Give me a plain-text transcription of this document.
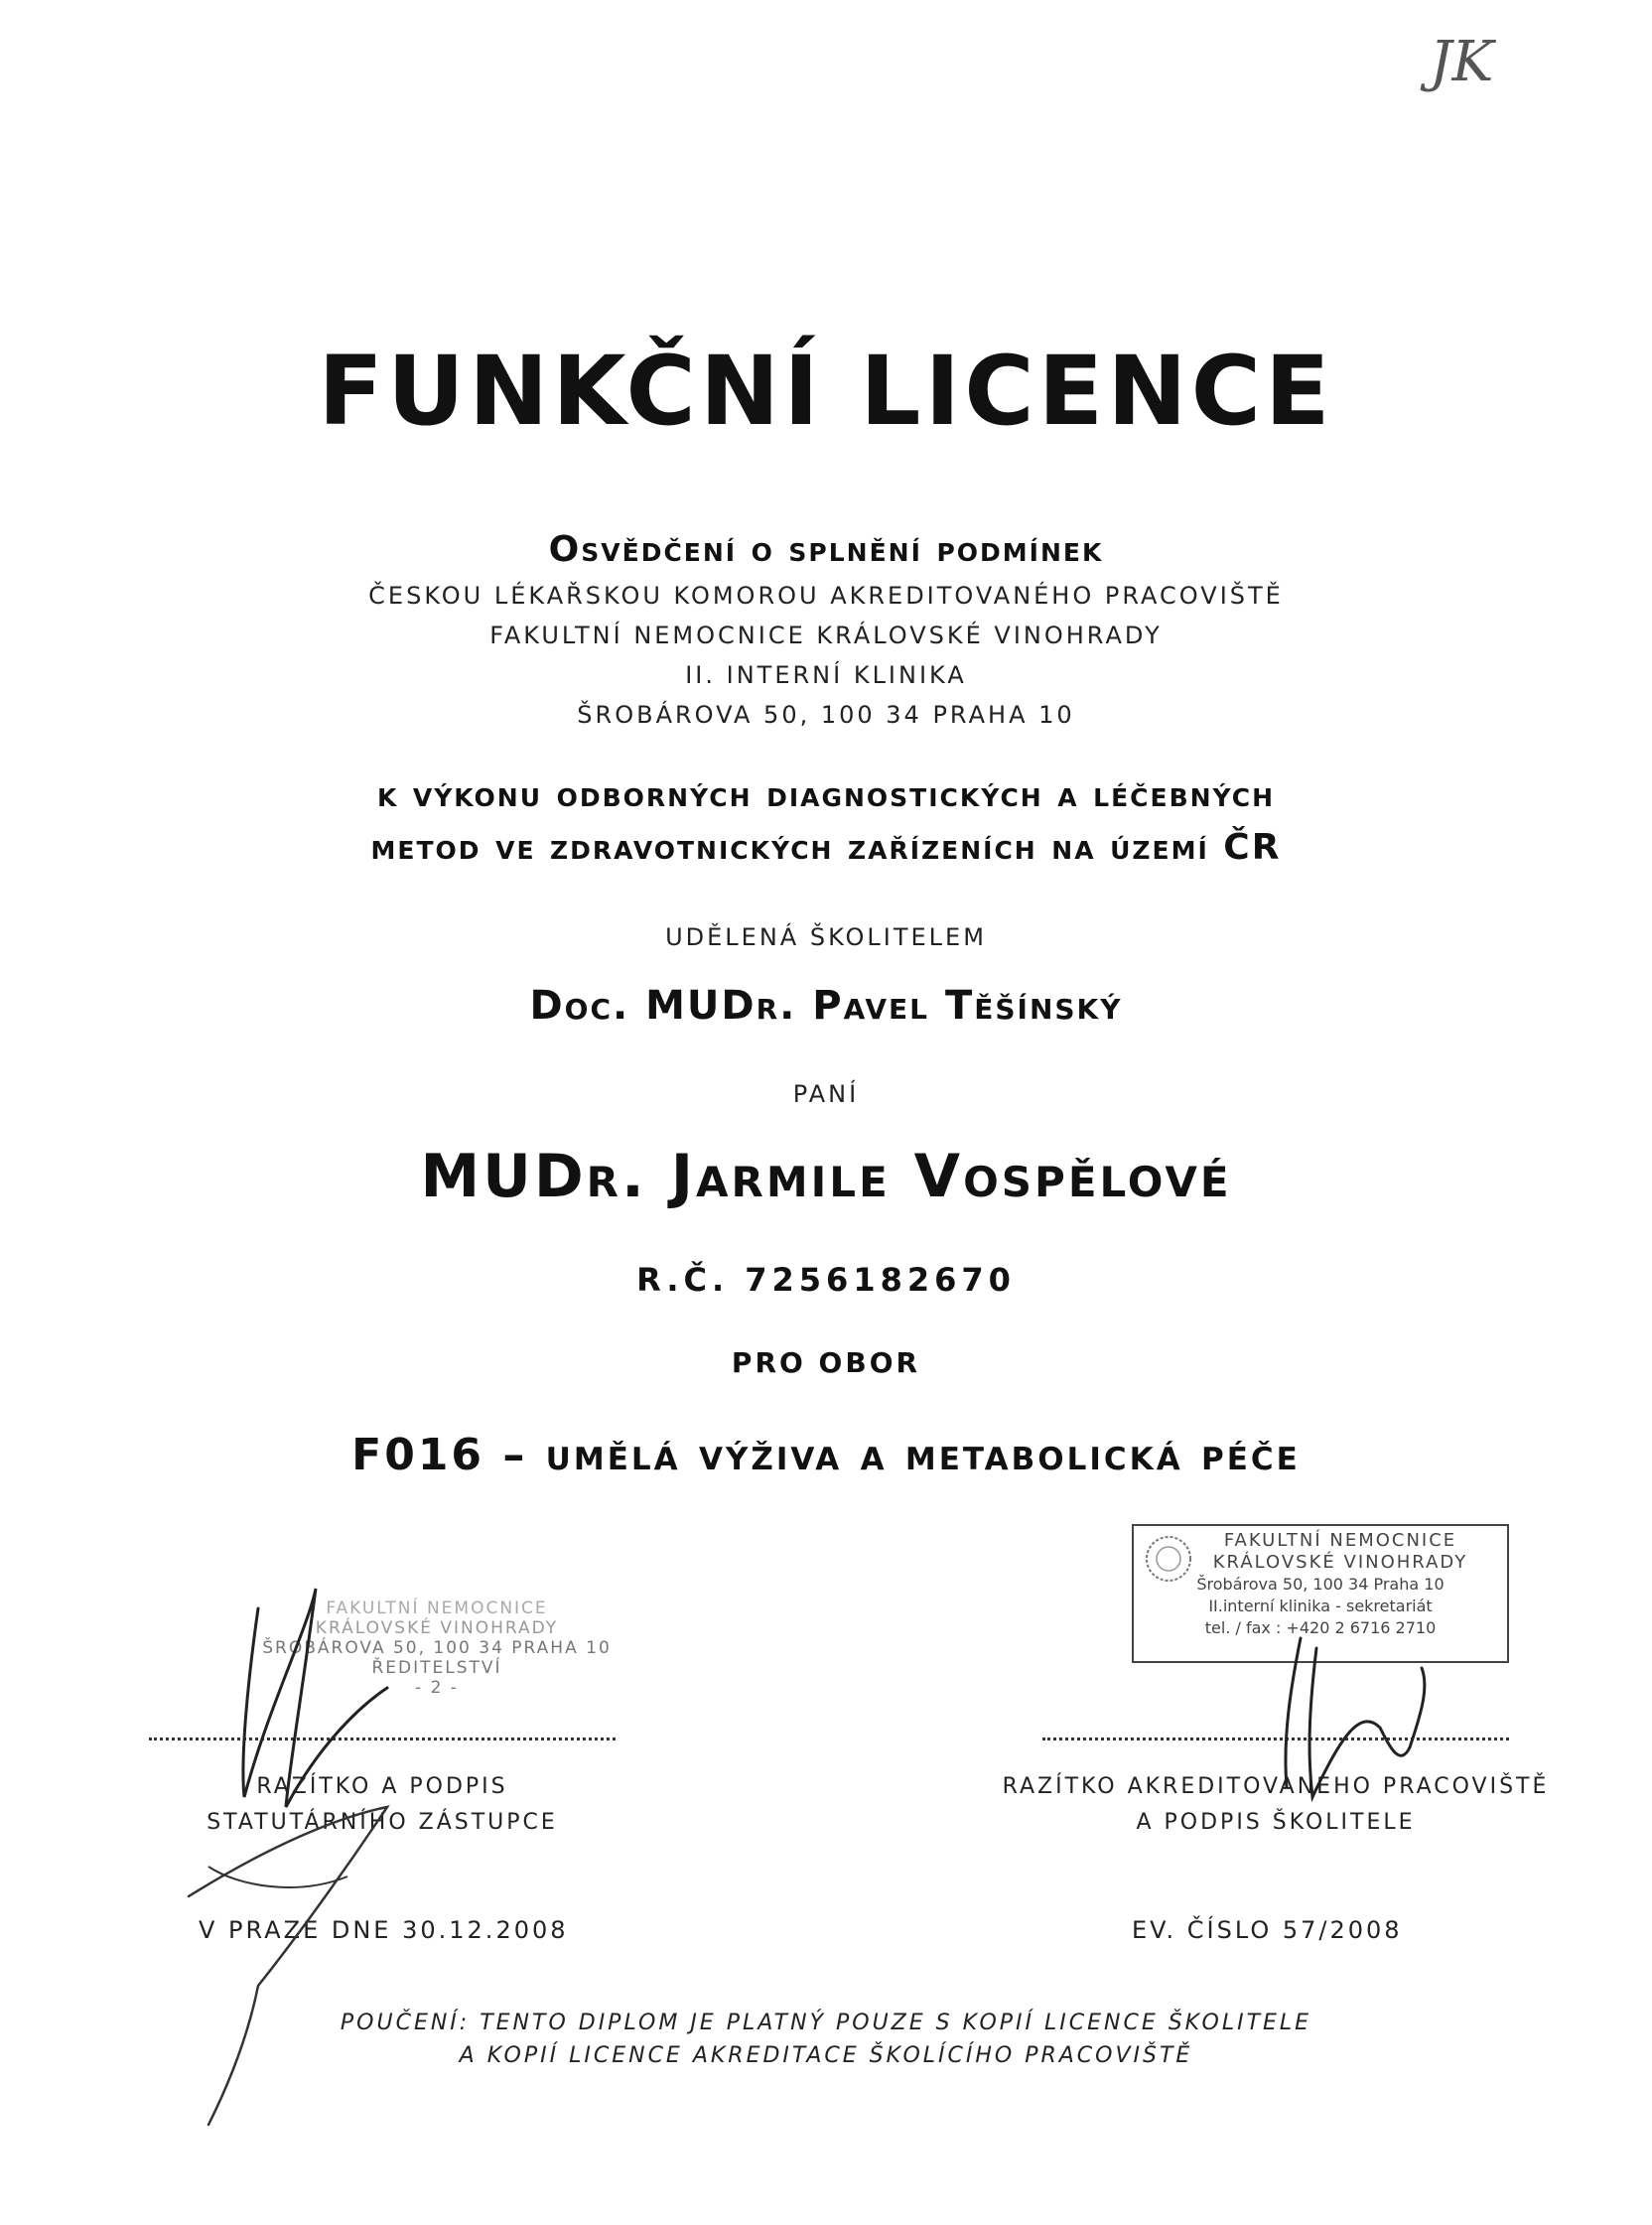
JK
FUNKČNÍ LICENCE
Osvědčení o splnění podmínek
ČESKOU LÉKAŘSKOU KOMOROU AKREDITOVANÉHO PRACOVIŠTĚ
FAKULTNÍ NEMOCNICE KRÁLOVSKÉ VINOHRADY
II. INTERNÍ KLINIKA
ŠROBÁROVA 50, 100 34 PRAHA 10
k výkonu odborných diagnostických a léčebných
metod ve zdravotnických zařízeních na území ČR
UDĚLENÁ ŠKOLITELEM
Doc. MUDr. Pavel Těšínský
PANÍ
MUDr. Jarmile Vospělové
R.Č. 7256182670
PRO OBOR
F016 – umělá výživa a metabolická péče
FAKULTNÍ NEMOCNICE
KRÁLOVSKÉ VINOHRADY
ŠROBÁROVA 50, 100 34 PRAHA 10
ŘEDITELSTVÍ
- 2 -
FAKULTNÍ NEMOCNICE
KRÁLOVSKÉ VINOHRADY
Šrobárova 50, 100 34 Praha 10
II.interní klinika - sekretariát
tel. / fax : +420 2 6716 2710
RAZÍTKO A PODPIS
STATUTÁRNÍHO ZÁSTUPCE
RAZÍTKO AKREDITOVANÉHO PRACOVIŠTĚ
A PODPIS ŠKOLITELE
V PRAZE DNE 30.12.2008	EV. ČÍSLO 57/2008
POUČENÍ: TENTO DIPLOM JE PLATNÝ POUZE S KOPIÍ LICENCE ŠKOLITELE
A KOPIÍ LICENCE AKREDITACE ŠKOLÍCÍHO PRACOVIŠTĚ
